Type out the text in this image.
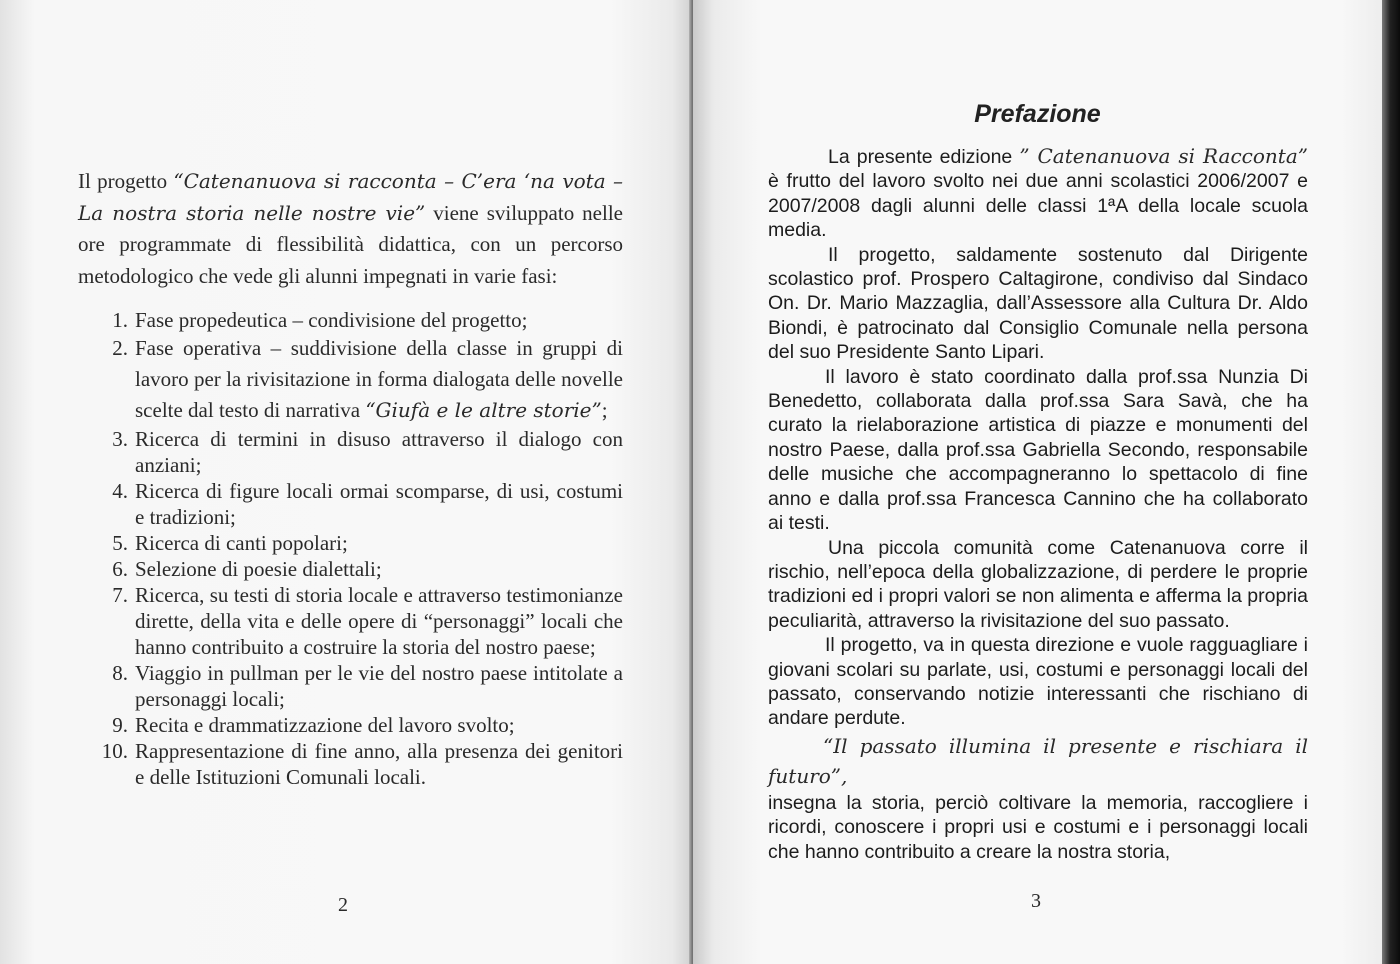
Il progetto “Catenanuova si racconta – C’era ‘na vota – La nostra storia nelle nostre vie” viene sviluppato nelle ore programmate di flessibilità didattica, con un percorso metodologico che vede gli alunni impegnati in varie fasi:

1. Fase propedeutica – condivisione del progetto;
2. Fase operativa – suddivisione della classe in gruppi di lavoro per la rivisitazione in forma dialogata delle novelle scelte dal testo di narrativa “Giufà e le altre storie”;
3. Ricerca di termini in disuso attraverso il dialogo con anziani;
4. Ricerca di figure locali ormai scomparse, di usi, costumi e tradizioni;
5. Ricerca di canti popolari;
6. Selezione di poesie dialettali;
7. Ricerca, su testi di storia locale e attraverso testimonianze dirette, della vita e delle opere di “personaggi” locali che hanno contribuito a costruire la storia del nostro paese;
8. Viaggio in pullman per le vie del nostro paese intitolate a personaggi locali;
9. Recita e drammatizzazione del lavoro svolto;
10. Rappresentazione di fine anno, alla presenza dei genitori e delle Istituzioni Comunali locali.
2
Prefazione

La presente edizione ” Catenanuova si Racconta” è frutto del lavoro svolto nei due anni scolastici 2006/2007 e 2007/2008 dagli alunni delle classi 1ªA della locale scuola media.

Il progetto, saldamente sostenuto dal Dirigente scolastico prof. Prospero Caltagirone, condiviso dal Sindaco On. Dr. Mario Mazzaglia, dall’Assessore alla Cultura Dr. Aldo Biondi, è patrocinato dal Consiglio Comunale nella persona del suo Presidente Santo Lipari.

Il lavoro è stato coordinato dalla prof.ssa Nunzia Di Benedetto, collaborata dalla prof.ssa Sara Savà, che ha curato la rielaborazione artistica di piazze e monumenti del nostro Paese, dalla prof.ssa Gabriella Secondo, responsabile delle musiche che accompagneranno lo spettacolo di fine anno e dalla prof.ssa Francesca Cannino che ha collaborato ai testi.

Una piccola comunità come Catenanuova corre il rischio, nell’epoca della globalizzazione, di perdere le proprie tradizioni ed i propri valori se non alimenta e afferma la propria peculiarità, attraverso la rivisitazione del suo passato.

Il progetto, va in questa direzione e vuole ragguagliare i giovani scolari su parlate, usi, costumi e personaggi locali del passato, conservando notizie interessanti che rischiano di andare perdute.

“Il passato illumina il presente e rischiara il futuro”,

insegna la storia, perciò coltivare la memoria, raccogliere i ricordi, conoscere i propri usi e costumi e i personaggi locali che hanno contribuito a creare la nostra storia,

3
